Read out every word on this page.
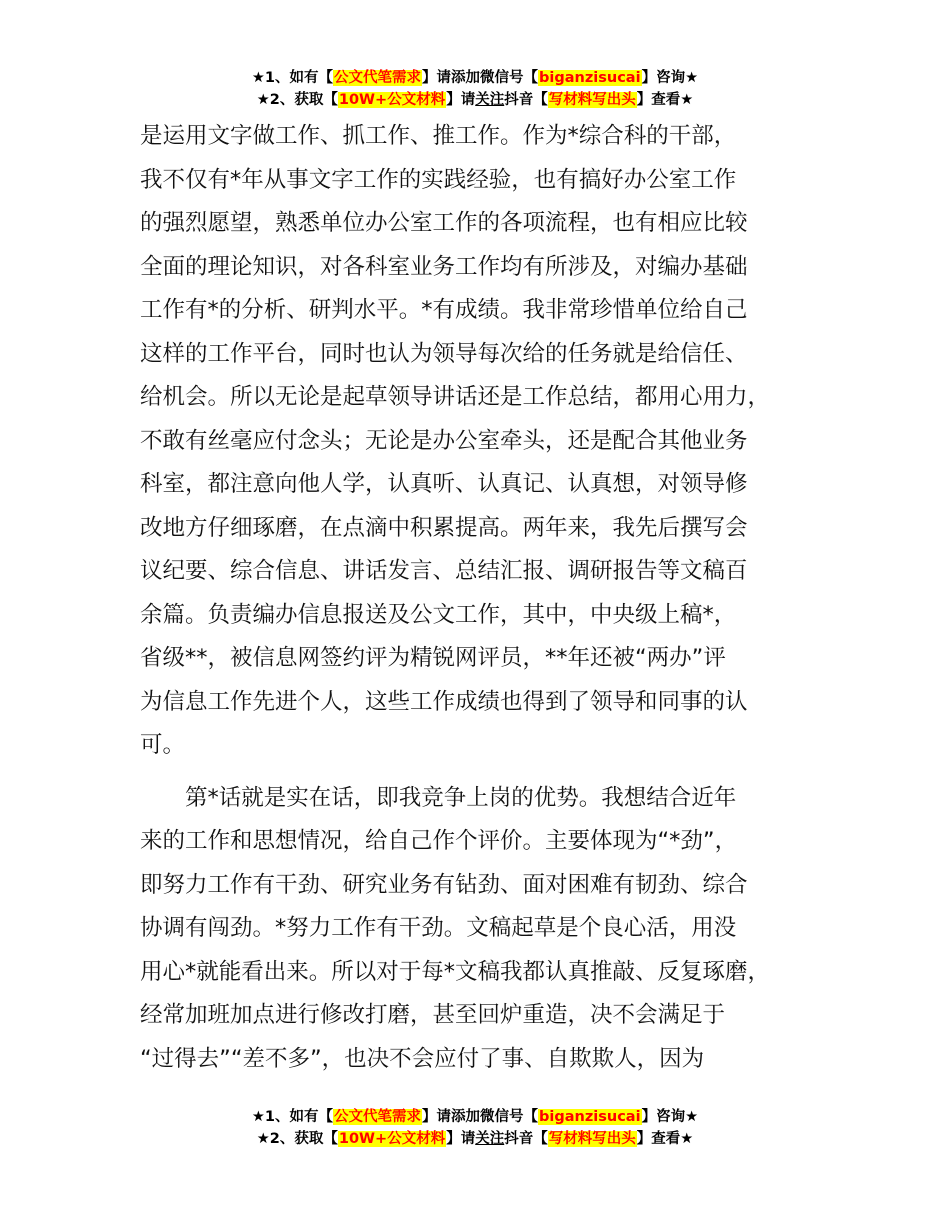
★1、如有【公文代笔需求】请添加微信号【biganzisucai】咨询★
★2、获取【10W+公文材料】请关注抖音【写材料写出头】查看★
是运用文字做工作、抓工作、推工作。作为*综合科的干部，
我不仅有*年从事文字工作的实践经验，也有搞好办公室工作
的强烈愿望，熟悉单位办公室工作的各项流程，也有相应比较
全面的理论知识，对各科室业务工作均有所涉及，对编办基础
工作有*的分析、研判水平。*有成绩。我非常珍惜单位给自己
这样的工作平台，同时也认为领导每次给的任务就是给信任、
给机会。所以无论是起草领导讲话还是工作总结，都用心用力，
不敢有丝毫应付念头；无论是办公室牵头，还是配合其他业务
科室，都注意向他人学，认真听、认真记、认真想，对领导修
改地方仔细琢磨，在点滴中积累提高。两年来，我先后撰写会
议纪要、综合信息、讲话发言、总结汇报、调研报告等文稿百
余篇。负责编办信息报送及公文工作，其中，中央级上稿*，
省级**，被信息网签约评为精锐网评员，**年还被“两办”评
为信息工作先进个人，这些工作成绩也得到了领导和同事的认
可。
　　第*话就是实在话，即我竞争上岗的优势。我想结合近年
来的工作和思想情况，给自己作个评价。主要体现为“*劲”，
即努力工作有干劲、研究业务有钻劲、面对困难有韧劲、综合
协调有闯劲。*努力工作有干劲。文稿起草是个良心活，用没
用心*就能看出来。所以对于每*文稿我都认真推敲、反复琢磨，
经常加班加点进行修改打磨，甚至回炉重造，决不会满足于
“过得去”“差不多”，也决不会应付了事、自欺欺人，因为
★1、如有【公文代笔需求】请添加微信号【biganzisucai】咨询★
★2、获取【10W+公文材料】请关注抖音【写材料写出头】查看★
